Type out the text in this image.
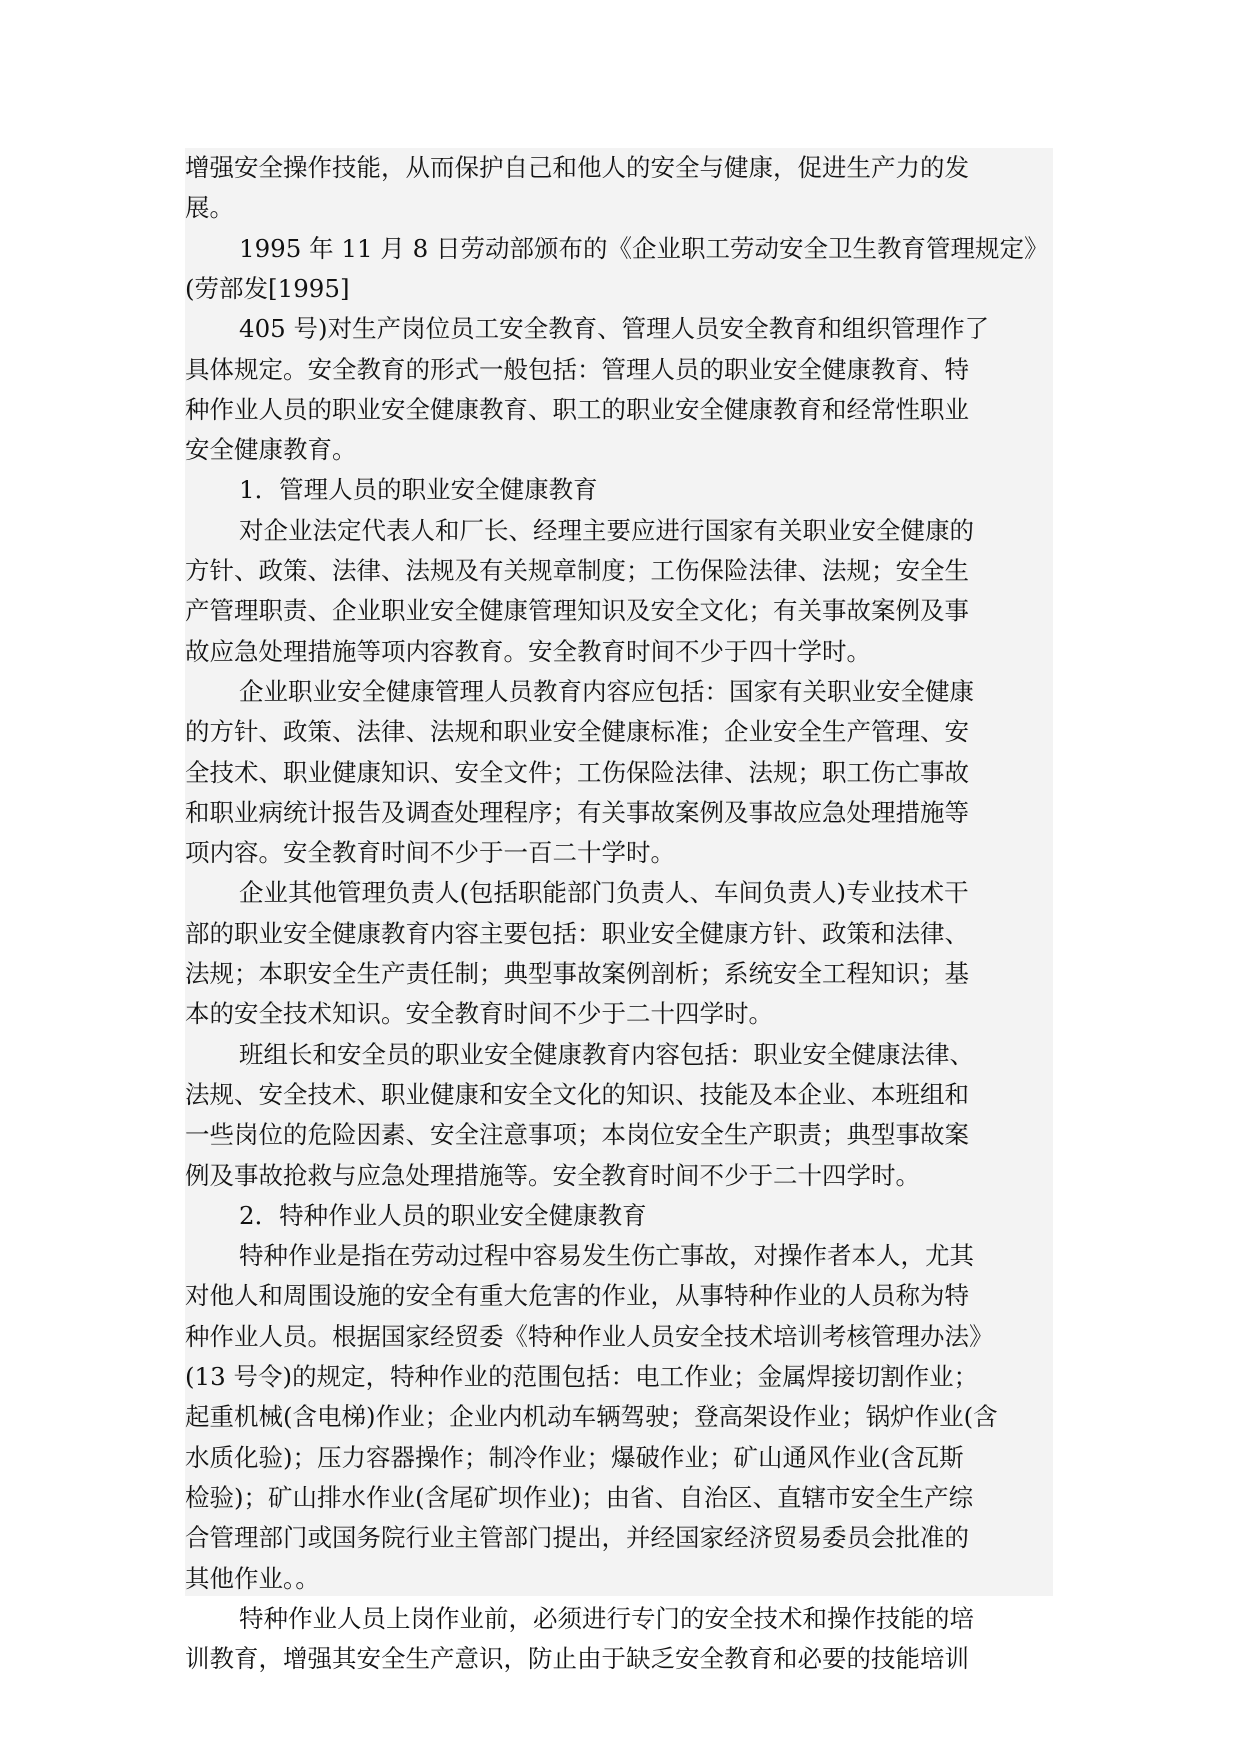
增强安全操作技能，从而保护自己和他人的安全与健康，促进生产力的发
展。
1995 年 11 月 8 日劳动部颁布的《企业职工劳动安全卫生教育管理规定》
(劳部发[1995]
405 号)对生产岗位员工安全教育、管理人员安全教育和组织管理作了
具体规定。安全教育的形式一般包括：管理人员的职业安全健康教育、特
种作业人员的职业安全健康教育、职工的职业安全健康教育和经常性职业
安全健康教育。
1．管理人员的职业安全健康教育
对企业法定代表人和厂长、经理主要应进行国家有关职业安全健康的
方针、政策、法律、法规及有关规章制度；工伤保险法律、法规；安全生
产管理职责、企业职业安全健康管理知识及安全文化；有关事故案例及事
故应急处理措施等项内容教育。安全教育时间不少于四十学时。
企业职业安全健康管理人员教育内容应包括：国家有关职业安全健康
的方针、政策、法律、法规和职业安全健康标准；企业安全生产管理、安
全技术、职业健康知识、安全文件；工伤保险法律、法规；职工伤亡事故
和职业病统计报告及调查处理程序；有关事故案例及事故应急处理措施等
项内容。安全教育时间不少于一百二十学时。
企业其他管理负责人(包括职能部门负责人、车间负责人)专业技术干
部的职业安全健康教育内容主要包括：职业安全健康方针、政策和法律、
法规；本职安全生产责任制；典型事故案例剖析；系统安全工程知识；基
本的安全技术知识。安全教育时间不少于二十四学时。
班组长和安全员的职业安全健康教育内容包括：职业安全健康法律、
法规、安全技术、职业健康和安全文化的知识、技能及本企业、本班组和
一些岗位的危险因素、安全注意事项；本岗位安全生产职责；典型事故案
例及事故抢救与应急处理措施等。安全教育时间不少于二十四学时。
2．特种作业人员的职业安全健康教育
特种作业是指在劳动过程中容易发生伤亡事故，对操作者本人，尤其
对他人和周围设施的安全有重大危害的作业，从事特种作业的人员称为特
种作业人员。根据国家经贸委《特种作业人员安全技术培训考核管理办法》
(13 号令)的规定，特种作业的范围包括：电工作业；金属焊接切割作业；
起重机械(含电梯)作业；企业内机动车辆驾驶；登高架设作业；锅炉作业(含
水质化验)；压力容器操作；制冷作业；爆破作业；矿山通风作业(含瓦斯
检验)；矿山排水作业(含尾矿坝作业)；由省、自治区、直辖市安全生产综
合管理部门或国务院行业主管部门提出，并经国家经济贸易委员会批准的
其他作业。。
特种作业人员上岗作业前，必须进行专门的安全技术和操作技能的培
训教育，增强其安全生产意识，防止由于缺乏安全教育和必要的技能培训
